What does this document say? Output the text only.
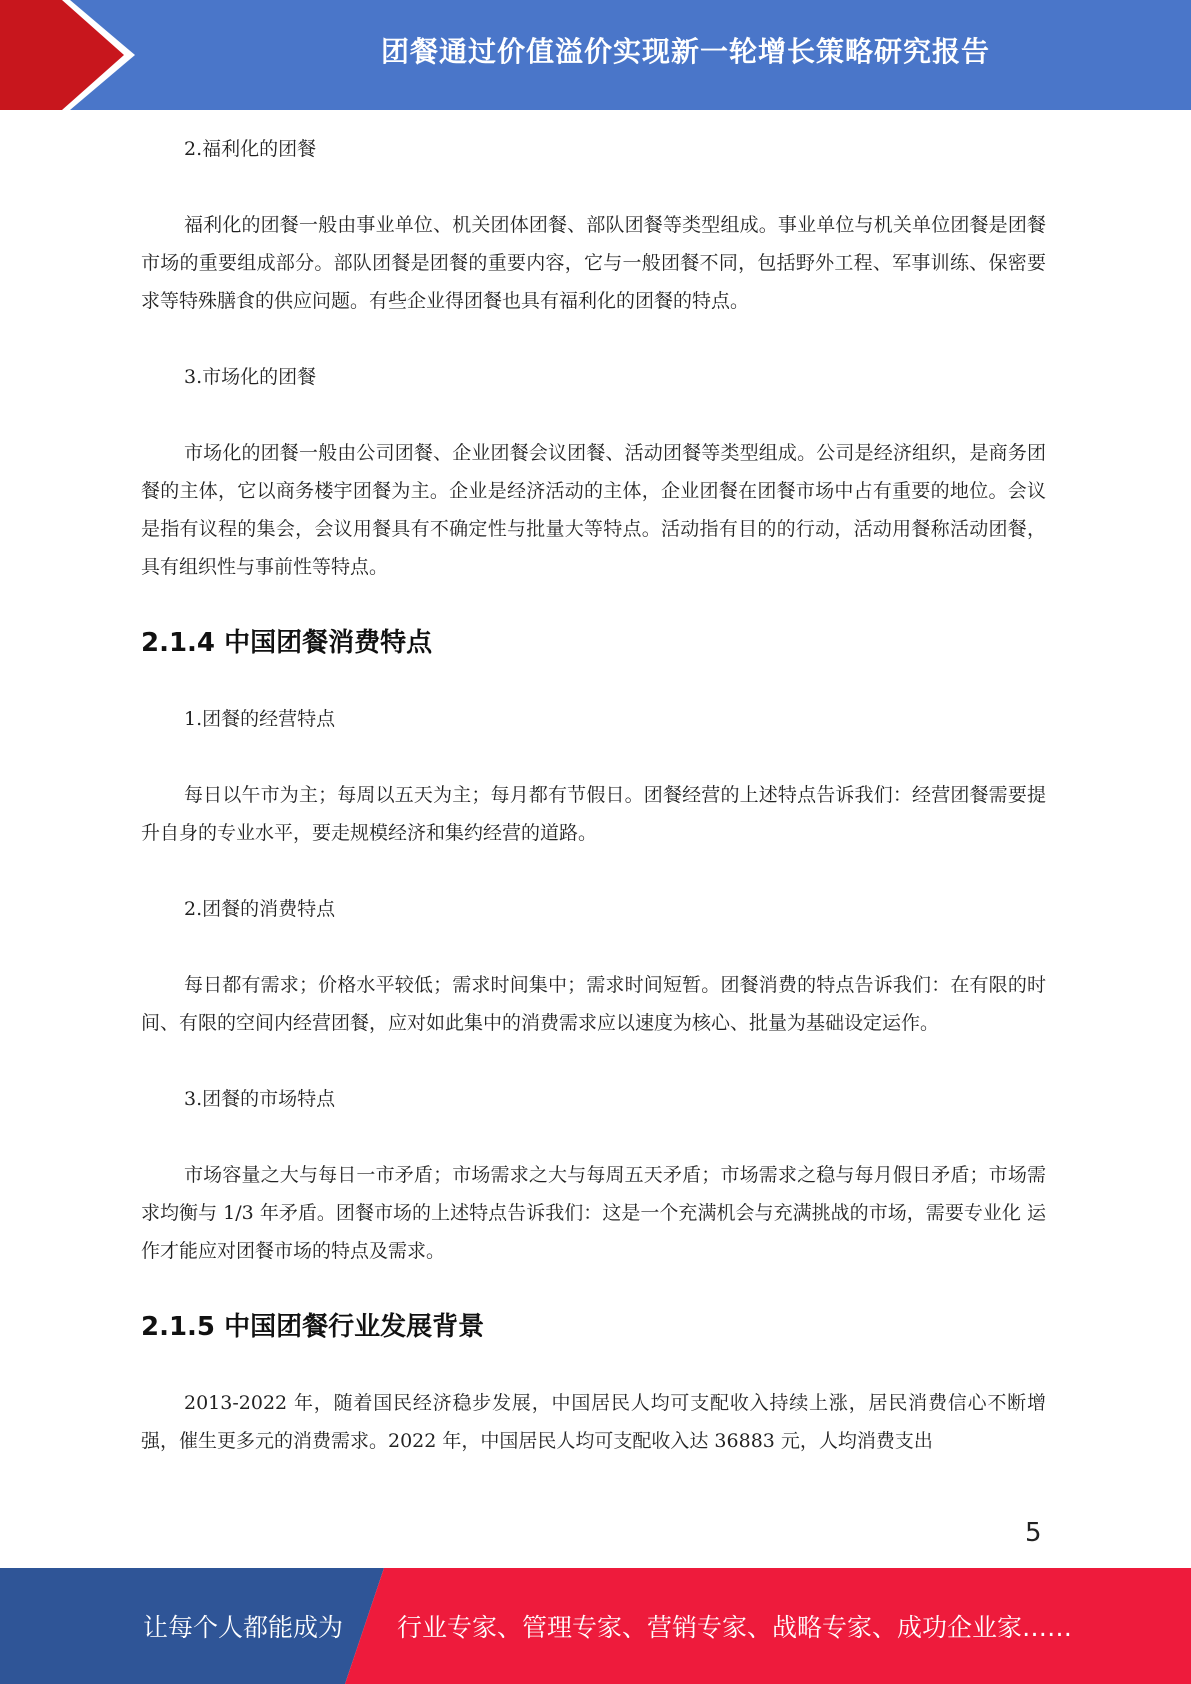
团餐通过价值溢价实现新一轮增长策略研究报告
2.福利化的团餐

福利化的团餐一般由事业单位、机关团体团餐、部队团餐等类型组成。事业单位与机关单位团餐是团餐市场的重要组成部分。部队团餐是团餐的重要内容，它与一般团餐不同，包括野外工程、军事训练、保密要求等特殊膳食的供应问题。有些企业得团餐也具有福利化的团餐的特点。

3.市场化的团餐

市场化的团餐一般由公司团餐、企业团餐会议团餐、活动团餐等类型组成。公司是经济组织，是商务团餐的主体，它以商务楼宇团餐为主。企业是经济活动的主体，企业团餐在团餐市场中占有重要的地位。会议是指有议程的集会，会议用餐具有不确定性与批量大等特点。活动指有目的的行动，活动用餐称活动团餐，具有组织性与事前性等特点。

2.1.4 中国团餐消费特点
1.团餐的经营特点

每日以午市为主；每周以五天为主；每月都有节假日。团餐经营的上述特点告诉我们：经营团餐需要提升自身的专业水平，要走规模经济和集约经营的道路。

2.团餐的消费特点

每日都有需求；价格水平较低；需求时间集中；需求时间短暂。团餐消费的特点告诉我们：在有限的时间、有限的空间内经营团餐，应对如此集中的消费需求应以速度为核心、批量为基础设定运作。

3.团餐的市场特点

市场容量之大与每日一市矛盾；市场需求之大与每周五天矛盾；市场需求之稳与每月假日矛盾；市场需求均衡与 1/3 年矛盾。团餐市场的上述特点告诉我们：这是一个充满机会与充满挑战的市场，需要专业化 运作才能应对团餐市场的特点及需求。

2.1.5 中国团餐行业发展背景

2013-2022 年，随着国民经济稳步发展，中国居民人均可支配收入持续上涨，居民消费信心不断增强，催生更多元的消费需求。2022 年，中国居民人均可支配收入达 36883 元，人均消费支出

5
让每个人都能成为 行业专家、管理专家、营销专家、战略专家、成功企业家……
